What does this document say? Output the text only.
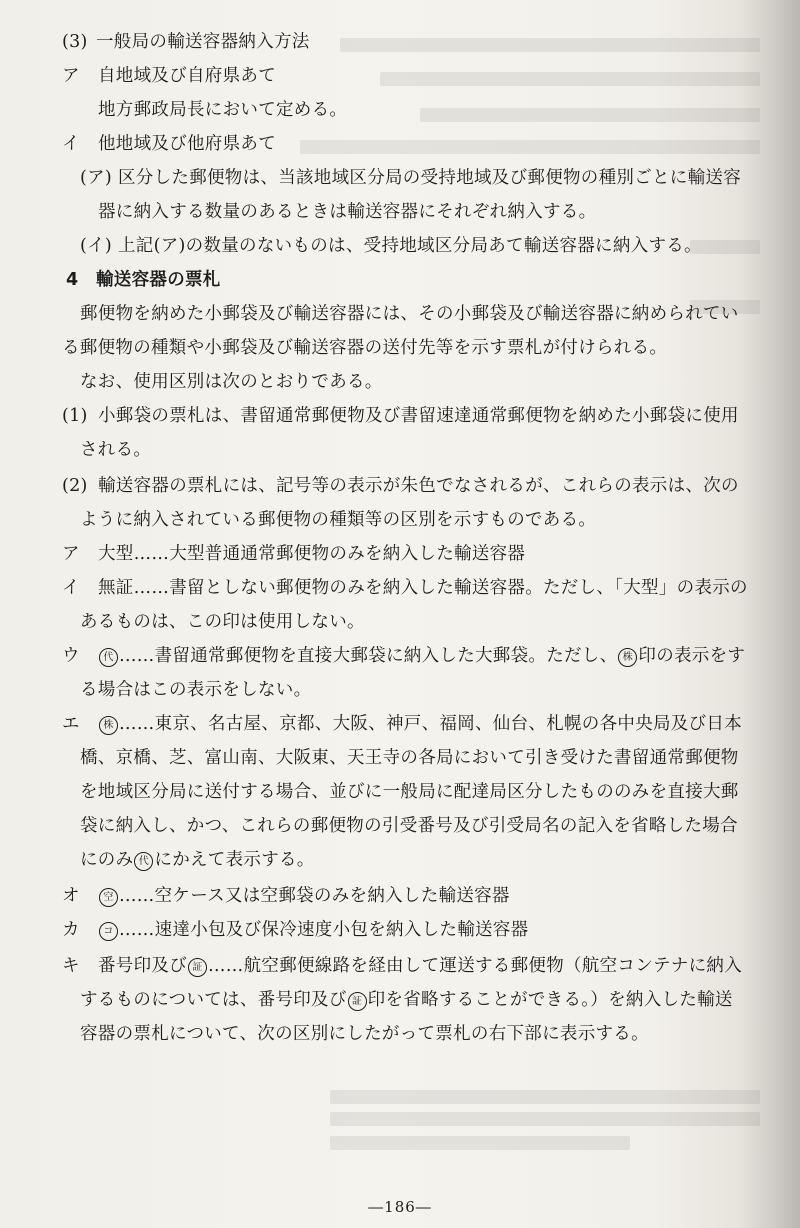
(3) 一般局の輸送容器納入方法
ア 自地域及び自府県あて
地方郵政局長において定める。
イ 他地域及び他府県あて
(ア) 区分した郵便物は、当該地域区分局の受持地域及び郵便物の種別ごとに輸送容
器に納入する数量のあるときは輸送容器にそれぞれ納入する。
(イ) 上記(ア)の数量のないものは、受持地域区分局あて輸送容器に納入する。
4 輸送容器の票札
郵便物を納めた小郵袋及び輸送容器には、その小郵袋及び輸送容器に納められてい
る郵便物の種類や小郵袋及び輸送容器の送付先等を示す票札が付けられる。
なお、使用区別は次のとおりである。
(1) 小郵袋の票札は、書留通常郵便物及び書留速達通常郵便物を納めた小郵袋に使用
される。
(2) 輸送容器の票札には、記号等の表示が朱色でなされるが、これらの表示は、次の
ように納入されている郵便物の種類等の区別を示すものである。
ア 大型……大型普通通常郵便物のみを納入した輸送容器
イ 無証……書留としない郵便物のみを納入した輸送容器。ただし、「大型」の表示の
あるものは、この印は使用しない。
ウ 代 ……書留通常郵便物を直接大郵袋に納入した大郵袋。ただし、 株 印の表示をす
る場合はこの表示をしない。
エ 株 ……東京、名古屋、京都、大阪、神戸、福岡、仙台、札幌の各中央局及び日本
橋、京橋、芝、富山南、大阪東、天王寺の各局において引き受けた書留通常郵便物
を地域区分局に送付する場合、並びに一般局に配達局区分したもののみを直接大郵
袋に納入し、かつ、これらの郵便物の引受番号及び引受局名の記入を省略した場合
にのみ 代 にかえて表示する。
オ 空 ……空ケース又は空郵袋のみを納入した輸送容器
カ コ ……速達小包及び保冷速度小包を納入した輸送容器
キ 番号印及び 証 ……航空郵便線路を経由して運送する郵便物（航空コンテナに納入
するものについては、番号印及び 証 印を省略することができる。）を納入した輸送
容器の票札について、次の区別にしたがって票札の右下部に表示する。
―186―
